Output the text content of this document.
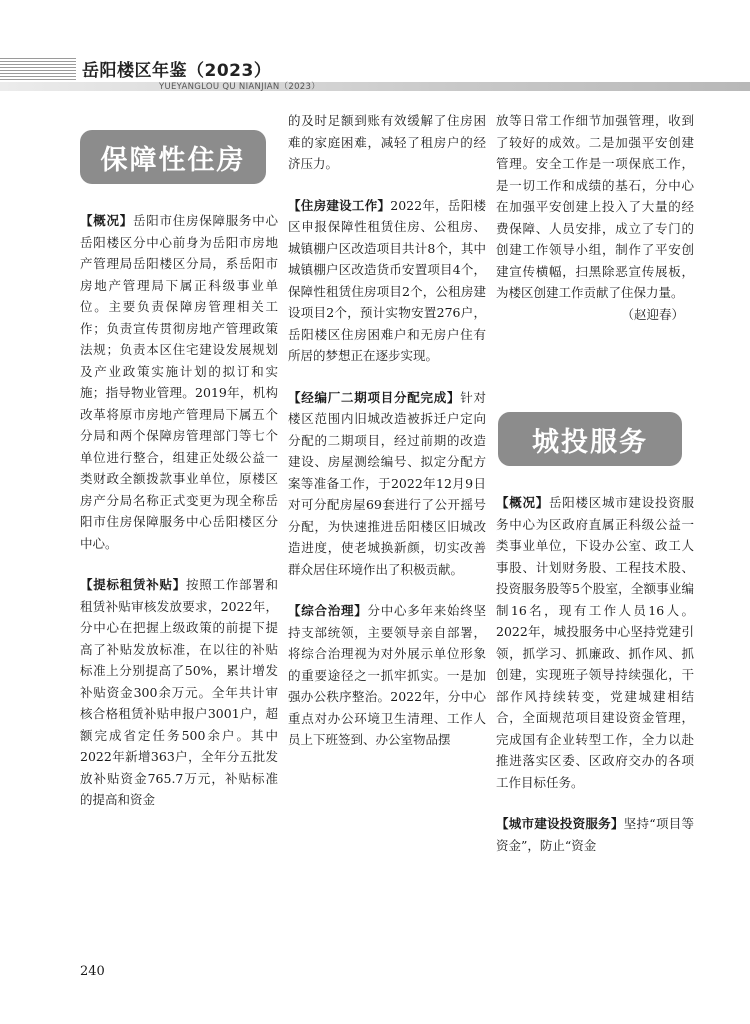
岳阳楼区年鉴（2023）
YUEYANGLOU QU NIANJIAN（2023）
保障性住房

【概况】岳阳市住房保障服务中心岳阳楼区分中心前身为岳阳市房地产管理局岳阳楼区分局，系岳阳市房地产管理局下属正科级事业单位。主要负责保障房管理相关工作；负责宣传贯彻房地产管理政策法规；负责本区住宅建设发展规划及产业政策实施计划的拟订和实施；指导物业管理。2019年，机构改革将原市房地产管理局下属五个分局和两个保障房管理部门等七个单位进行整合，组建正处级公益一类财政全额拨款事业单位，原楼区房产分局名称正式变更为现全称岳阳市住房保障服务中心岳阳楼区分中心。

【提标租赁补贴】按照工作部署和租赁补贴审核发放要求，2022年，分中心在把握上级政策的前提下提高了补贴发放标准，在以往的补贴标准上分别提高了50%，累计增发补贴资金300余万元。全年共计审核合格租赁补贴申报户3001户，超额完成省定任务500余户。其中2022年新增363户，全年分五批发放补贴资金765.7万元，补贴标准的提高和资金

的及时足额到账有效缓解了住房困难的家庭困难，减轻了租房户的经济压力。

【住房建设工作】2022年，岳阳楼区申报保障性租赁住房、公租房、城镇棚户区改造项目共计8个，其中城镇棚户区改造货币安置项目4个，保障性租赁住房项目2个，公租房建设项目2个，预计实物安置276户，岳阳楼区住房困难户和无房户住有所居的梦想正在逐步实现。

【经编厂二期项目分配完成】针对楼区范围内旧城改造被拆迁户定向分配的二期项目，经过前期的改造建设、房屋测绘编号、拟定分配方案等准备工作，于2022年12月9日对可分配房屋69套进行了公开摇号分配，为快速推进岳阳楼区旧城改造进度，使老城换新颜，切实改善群众居住环境作出了积极贡献。

【综合治理】分中心多年来始终坚持支部统领，主要领导亲自部署，将综合治理视为对外展示单位形象的重要途径之一抓牢抓实。一是加强办公秩序整治。2022年，分中心重点对办公环境卫生清理、工作人员上下班签到、办公室物品摆

放等日常工作细节加强管理，收到了较好的成效。二是加强平安创建管理。安全工作是一项保底工作，是一切工作和成绩的基石，分中心在加强平安创建上投入了大量的经费保障、人员安排，成立了专门的创建工作领导小组，制作了平安创建宣传横幅，扫黑除恶宣传展板，为楼区创建工作贡献了住保力量。

（赵迎春）

城投服务

【概况】岳阳楼区城市建设投资服务中心为区政府直属正科级公益一类事业单位，下设办公室、政工人事股、计划财务股、工程技术股、投资服务股等5个股室，全额事业编制16名，现有工作人员16人。2022年，城投服务中心坚持党建引领，抓学习、抓廉政、抓作风、抓创建，实现班子领导持续强化，干部作风持续转变，党建城建相结合，全面规范项目建设资金管理，完成国有企业转型工作，全力以赴推进落实区委、区政府交办的各项工作目标任务。

【城市建设投资服务】坚持“项目等资金”，防止“资金

240
